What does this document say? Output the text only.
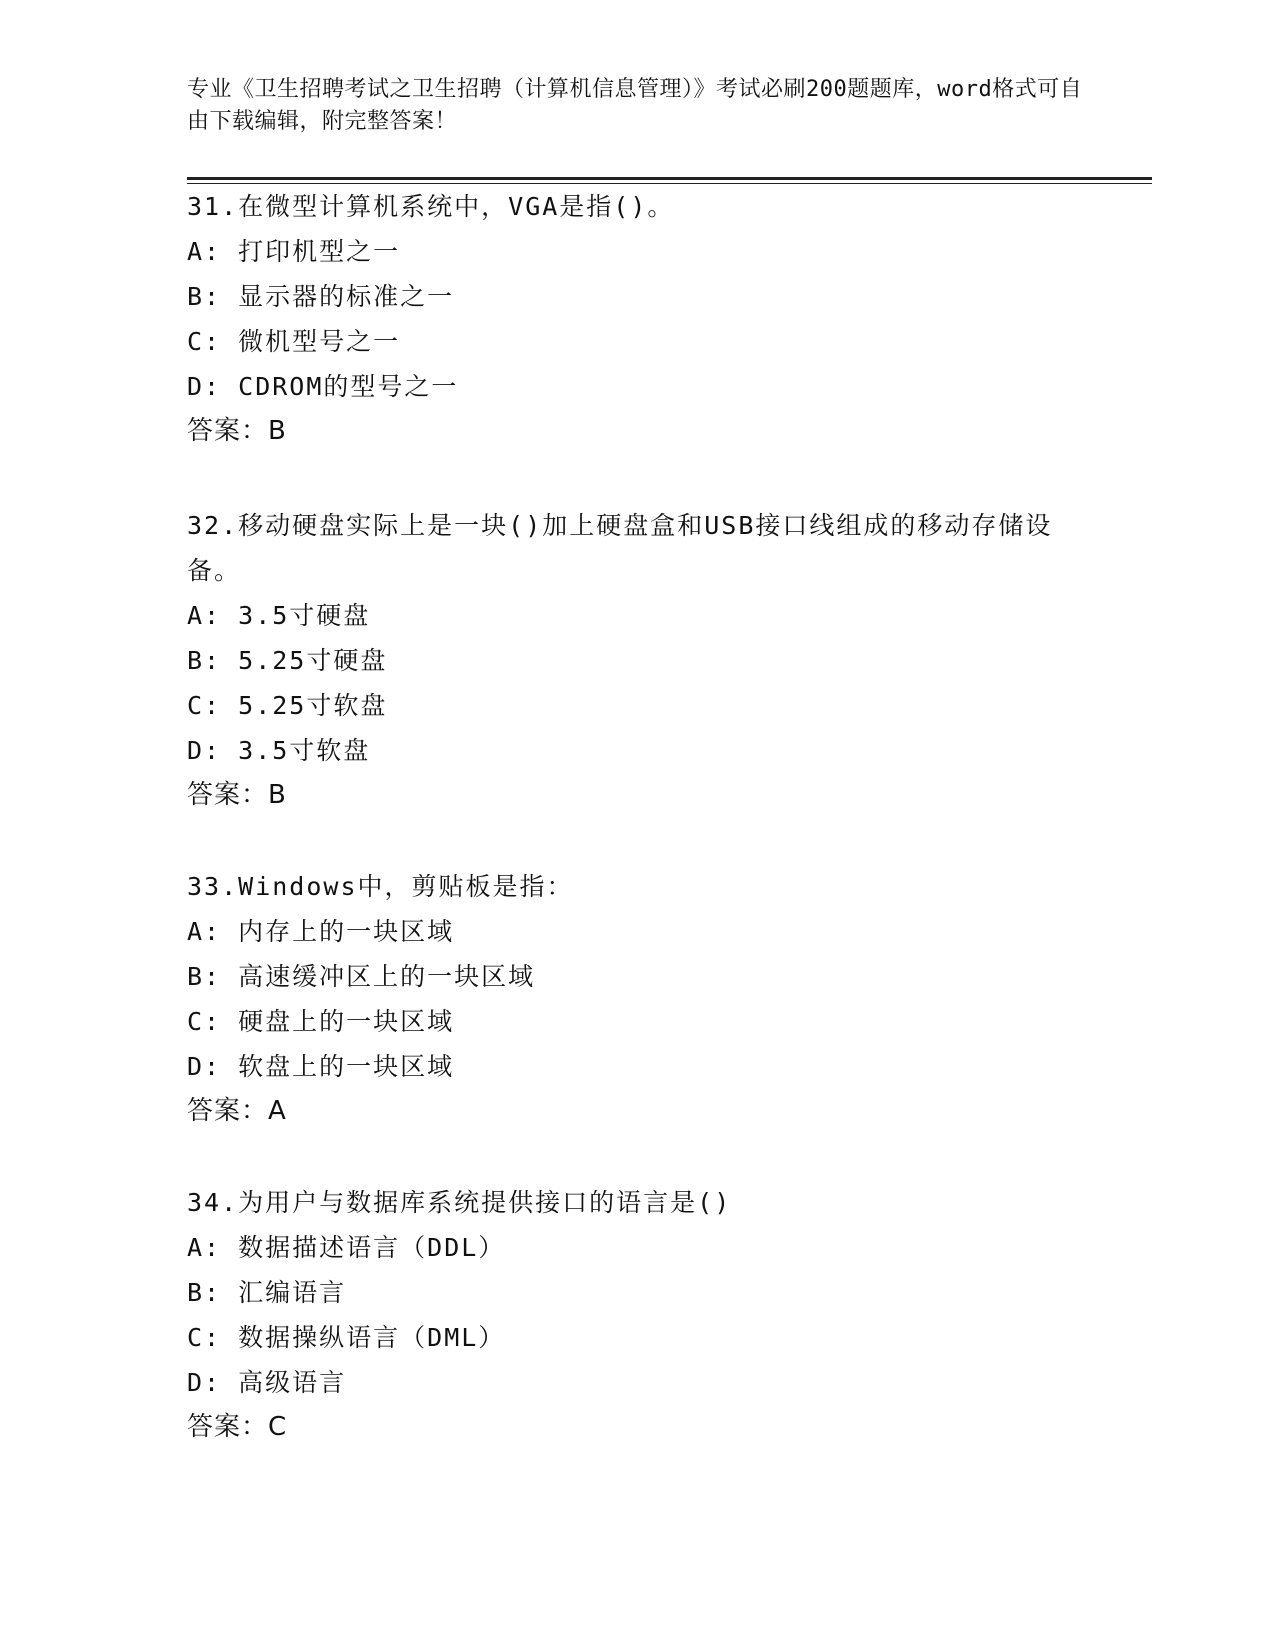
专业《卫生招聘考试之卫生招聘（计算机信息管理）》考试必刷200题题库，word格式可自由下载编辑，附完整答案！
31.在微型计算机系统中，VGA是指()。
A: 打印机型之一
B: 显示器的标准之一
C: 微机型号之一
D: CDROM的型号之一
答案：B
32.移动硬盘实际上是一块()加上硬盘盒和USB接口线组成的移动存储设备。
A: 3.5寸硬盘
B: 5.25寸硬盘
C: 5.25寸软盘
D: 3.5寸软盘
答案：B
33.Windows中，剪贴板是指：
A: 内存上的一块区域
B: 高速缓冲区上的一块区域
C: 硬盘上的一块区域
D: 软盘上的一块区域
答案：A
34.为用户与数据库系统提供接口的语言是()
A: 数据描述语言（DDL）
B: 汇编语言
C: 数据操纵语言（DML）
D: 高级语言
答案：C
